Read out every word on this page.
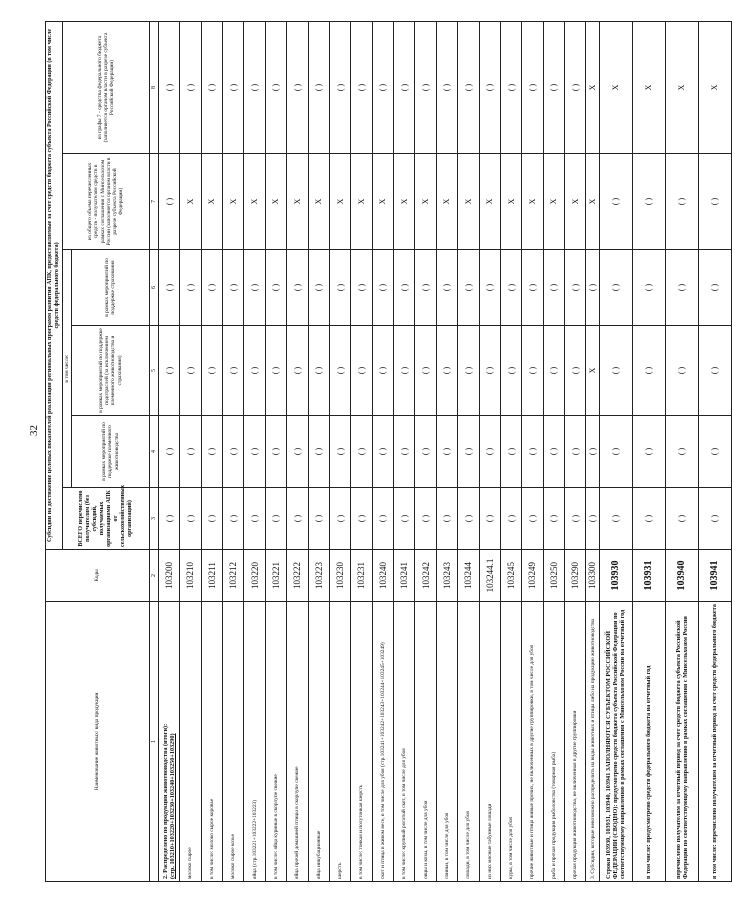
32
Наименование животных/ вида продукции	Коды	Субсидии на достижение целевых показателей реализации региональных программ развития АПК, предоставляемые за счет средств бюджета субъекта Российской Федерации (в том числе средств федерального бюджета)						
		ВСЕГО перечислено получателям (без субсидий, получаемых организациями АПК от сельскохозяйственных организаций)	в том числе:			из общего объема перечисленных средств - получателям средств в рамках соглашения с Минсельхозом России (заполняется органом власти в разрезе субъекта Российской Федерации)	из графы 7 - средства федерального бюджета (заполняется органом власти в разрезе субъекта Российской Федерации)	
			в рамках мероприятий по поддержке племенного животноводства	в рамках мероприятий по поддержке подотраслей (за исключением племенного животноводства и страхования)	в рамках мероприятий по поддержке страхования			
1	2	3	4	5	6	7	8	
2. Распределено по продукции животноводства (итоги):
(стр. 103210+103220+103230+103240+103250+103290)	103200	( )	( )	( )	( )	( )	( )	
молоко сырое	103210	( )	( )	( )	( )	X	( )	
в том числе: молоко сырое коровье	103211	( )	( )	( )	( )	X	( )	
молоко сырое козье	103212	( )	( )	( )	( )	X	( )	
яйца (стр.103221+103222+103223)	103220	( )	( )	( )	( )	X	( )	
в том числе: яйца куриные в скорлупе свежие	103221	( )	( )	( )	( )	X	( )	
яйца прочей домашней птицы в скорлупе свежие	103222	( )	( )	( )	( )	X	( )	
яйца инкубационные	103223	( )	( )	( )	( )	X	( )	
шерсть	103230	( )	( )	( )	( )	X	( )	
в том числе: тонкая и полутонкая шерсть	103231	( )	( )	( )	( )	X	( )	
скот и птица в живом весе, в том числе для убоя (стр.103241+103242+103243+103244+103245+103249)	103240	( )	( )	( )	( )	X	( )	
в том числе: крупный рогатый скот, в том числе для убоя	103241	( )	( )	( )	( )	X	( )	
овцы и козы, в том числе для убоя	103242	( )	( )	( )	( )	X	( )	
свиньи, в том числе для убоя	103243	( )	( )	( )	( )	X	( )	
лошади, в том числе для убоя	103244	( )	( )	( )	( )	X	( )	
из них мясные табунные лошади	103244.1	( )	( )	( )	( )	X	( )	
куры, в том числе для убоя	103245	( )	( )	( )	( )	X	( )	
прочие животные и птица живые прочих, не включенных в другие группировки, в том числе для убоя	103249	( )	( )	( )	( )	X	( )	
рыба и прочая продукция рыболовства (товарная рыба)	103250	( )	( )	( )	( )	X	( )	
прочая продукция животноводства, не включенная в другие группировки	103290	( )	( )	( )	( )	X	( )	
3. Субсидии, которые невозможно распределить на виды животных и птицы либо на продукцию животноводства	103300	( )	( )	X	( )	X	X	
Строки 103930, 103931, 103940, 103941 ЗАПОЛНЯЮТСЯ СУБЪЕКТОМ РОССИЙСКОЙ ФЕДЕРАЦИИ (СВОДНО): предусмотрено средств бюджета субъекта Российской Федерации по соответствующему направлению в рамках соглашения с Минсельхозом России на отчетный год	103930	( )	( )	( )	( )	( )	X	
в том числе: предусмотрено средств федерального бюджета на отчетный год	103931	( )	( )	( )	( )	( )	X	
перечислено получателям за отчетный период за счет средств бюджета субъекта Российской Федерации по соответствующему направлению в рамках соглашения с Минсельхозом России	103940	( )	( )	( )	( )	( )	X	
в том числе: перечислено получателям за отчетный период за счет средств федерального бюджета	103941	( )	( )	( )	( )	( )	X	
